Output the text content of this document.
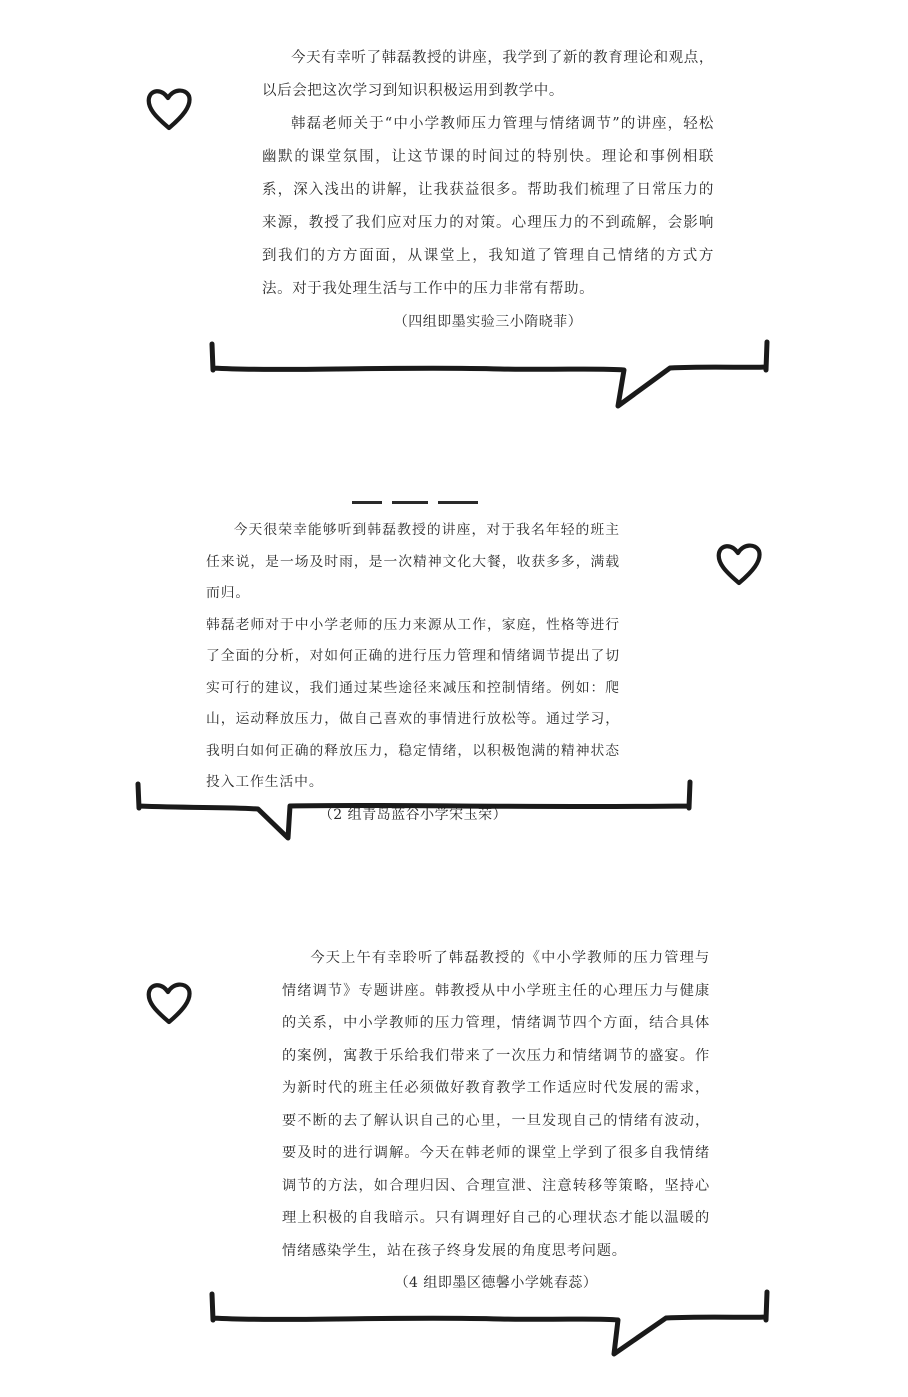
今天有幸听了韩磊教授的讲座，我学到了新的教育理论和观点，以后会把这次学习到知识积极运用到教学中。

韩磊老师关于“中小学教师压力管理与情绪调节”的讲座，轻松幽默的课堂氛围，让这节课的时间过的特别快。理论和事例相联系，深入浅出的讲解，让我获益很多。帮助我们梳理了日常压力的来源，教授了我们应对压力的对策。心理压力的不到疏解，会影响到我们的方方面面，从课堂上，我知道了管理自己情绪的方式方法。对于我处理生活与工作中的压力非常有帮助。

（四组即墨实验三小隋晓菲）

今天很荣幸能够听到韩磊教授的讲座，对于我名年轻的班主任来说，是一场及时雨，是一次精神文化大餐，收获多多，满载而归。

韩磊老师对于中小学老师的压力来源从工作，家庭，性格等进行了全面的分析，对如何正确的进行压力管理和情绪调节提出了切实可行的建议，我们通过某些途径来减压和控制情绪。例如：爬山，运动释放压力，做自己喜欢的事情进行放松等。通过学习，我明白如何正确的释放压力，稳定情绪，以积极饱满的精神状态投入工作生活中。

（2 组青岛蓝谷小学宋玉荣）

今天上午有幸聆听了韩磊教授的《中小学教师的压力管理与情绪调节》专题讲座。韩教授从中小学班主任的心理压力与健康的关系，中小学教师的压力管理，情绪调节四个方面，结合具体的案例，寓教于乐给我们带来了一次压力和情绪调节的盛宴。作为新时代的班主任必须做好教育教学工作适应时代发展的需求，要不断的去了解认识自己的心里，一旦发现自己的情绪有波动，要及时的进行调解。今天在韩老师的课堂上学到了很多自我情绪调节的方法，如合理归因、合理宣泄、注意转移等策略，坚持心理上积极的自我暗示。只有调理好自己的心理状态才能以温暖的情绪感染学生，站在孩子终身发展的角度思考问题。

（4 组即墨区德馨小学姚春蕊）
